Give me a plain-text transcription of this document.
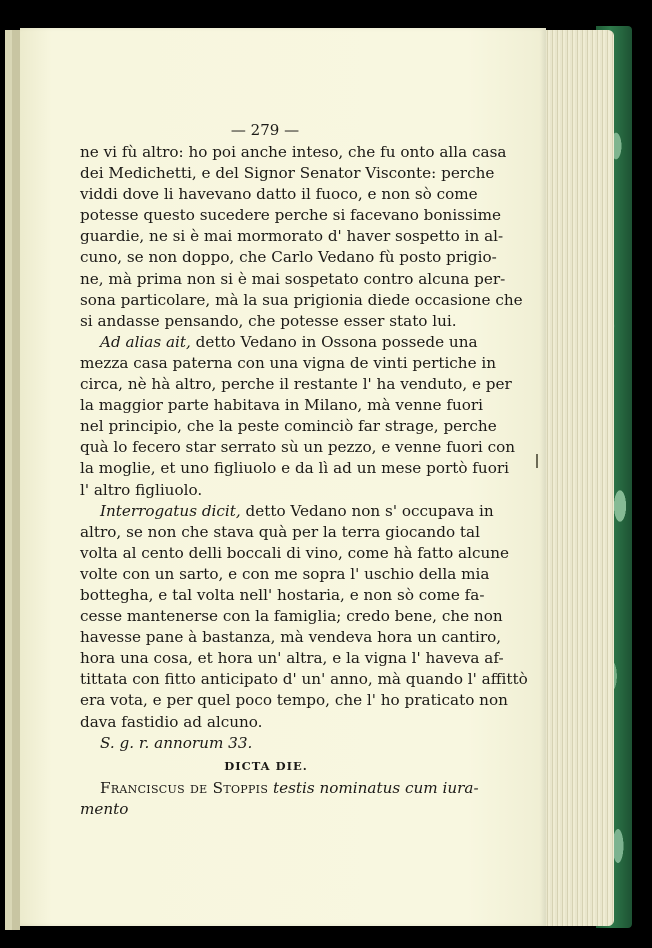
— 279 —
ne vi fù altro: ho poi anche inteso, che fu onto alla casa
dei Medichetti, e del Signor Senator Visconte: perche
viddi dove li havevano datto il fuoco, e non sò come
potesse questo sucedere perche si facevano bonissime
guardie, ne si è mai mormorato d' haver sospetto in al-
cuno, se non doppo, che Carlo Vedano fù posto prigio-
ne, mà prima non si è mai sospetato contro alcuna per-
sona particolare, mà la sua prigionia diede occasione che
si andasse pensando, che potesse esser stato lui.
Ad alias ait, detto Vedano in Ossona possede una
mezza casa paterna con una vigna de vinti pertiche in
circa, nè hà altro, perche il restante l' ha venduto, e per
la maggior parte habitava in Milano, mà venne fuori
nel principio, che la peste cominciò far strage, perche
quà lo fecero star serrato sù un pezzo, e venne fuori con
la moglie, et uno figliuolo e da lì ad un mese portò fuori
l' altro figliuolo.
Interrogatus dicit, detto Vedano non s' occupava in
altro, se non che stava quà per la terra giocando tal
volta al cento delli boccali di vino, come hà fatto alcune
volte con un sarto, e con me sopra l' uschio della mia
bottegha, e tal volta nell' hostaria, e non sò come fa-
cesse mantenerse con la famiglia; credo bene, che non
havesse pane à bastanza, mà vendeva hora un cantiro,
hora una cosa, et hora un' altra, e la vigna l' haveva af-
tittata con fitto anticipato d' un' anno, mà quando l' affittò
era vota, e per quel poco tempo, che l' ho praticato non
dava fastidio ad alcuno.
S. g. r. annorum 33.
DICTA DIE.
Franciscus de Stoppis testis nominatus cum iura-
mento
